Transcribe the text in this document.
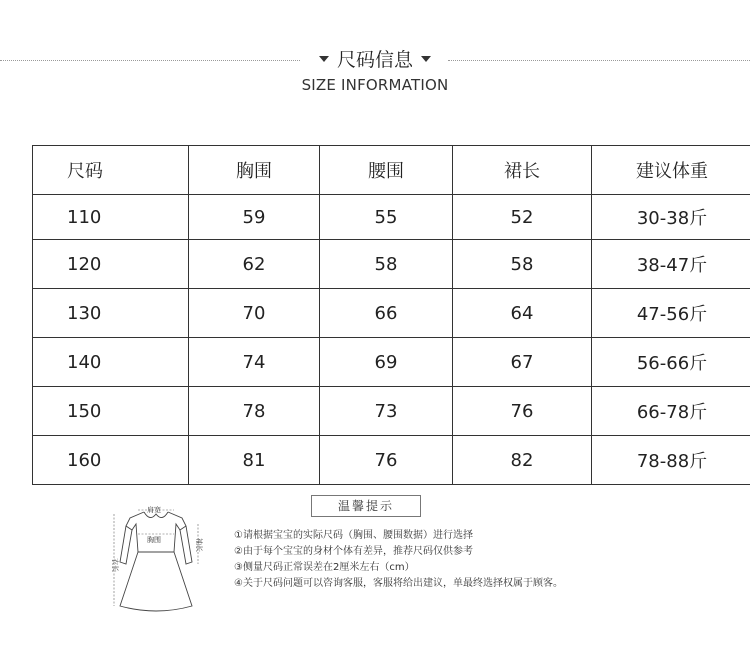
尺码信息
SIZE INFORMATION
尺码	胸围	腰围	裙长	建议体重
110	59	55	52	30-38斤
120	62	58	58	38-47斤
130	70	66	64	47-56斤
140	74	69	67	56-66斤
150	78	73	76	66-78斤
160	81	76	82	78-88斤
肩宽
胸围
衣长
袖长
温馨提示
①请根据宝宝的实际尺码（胸围、腰围数据）进行选择
②由于每个宝宝的身材个体有差异，推荐尺码仅供参考
③侧量尺码正常误差在2厘米左右（cm）
④关于尺码问题可以咨询客服，客服将给出建议，单最终选择权属于顾客。
